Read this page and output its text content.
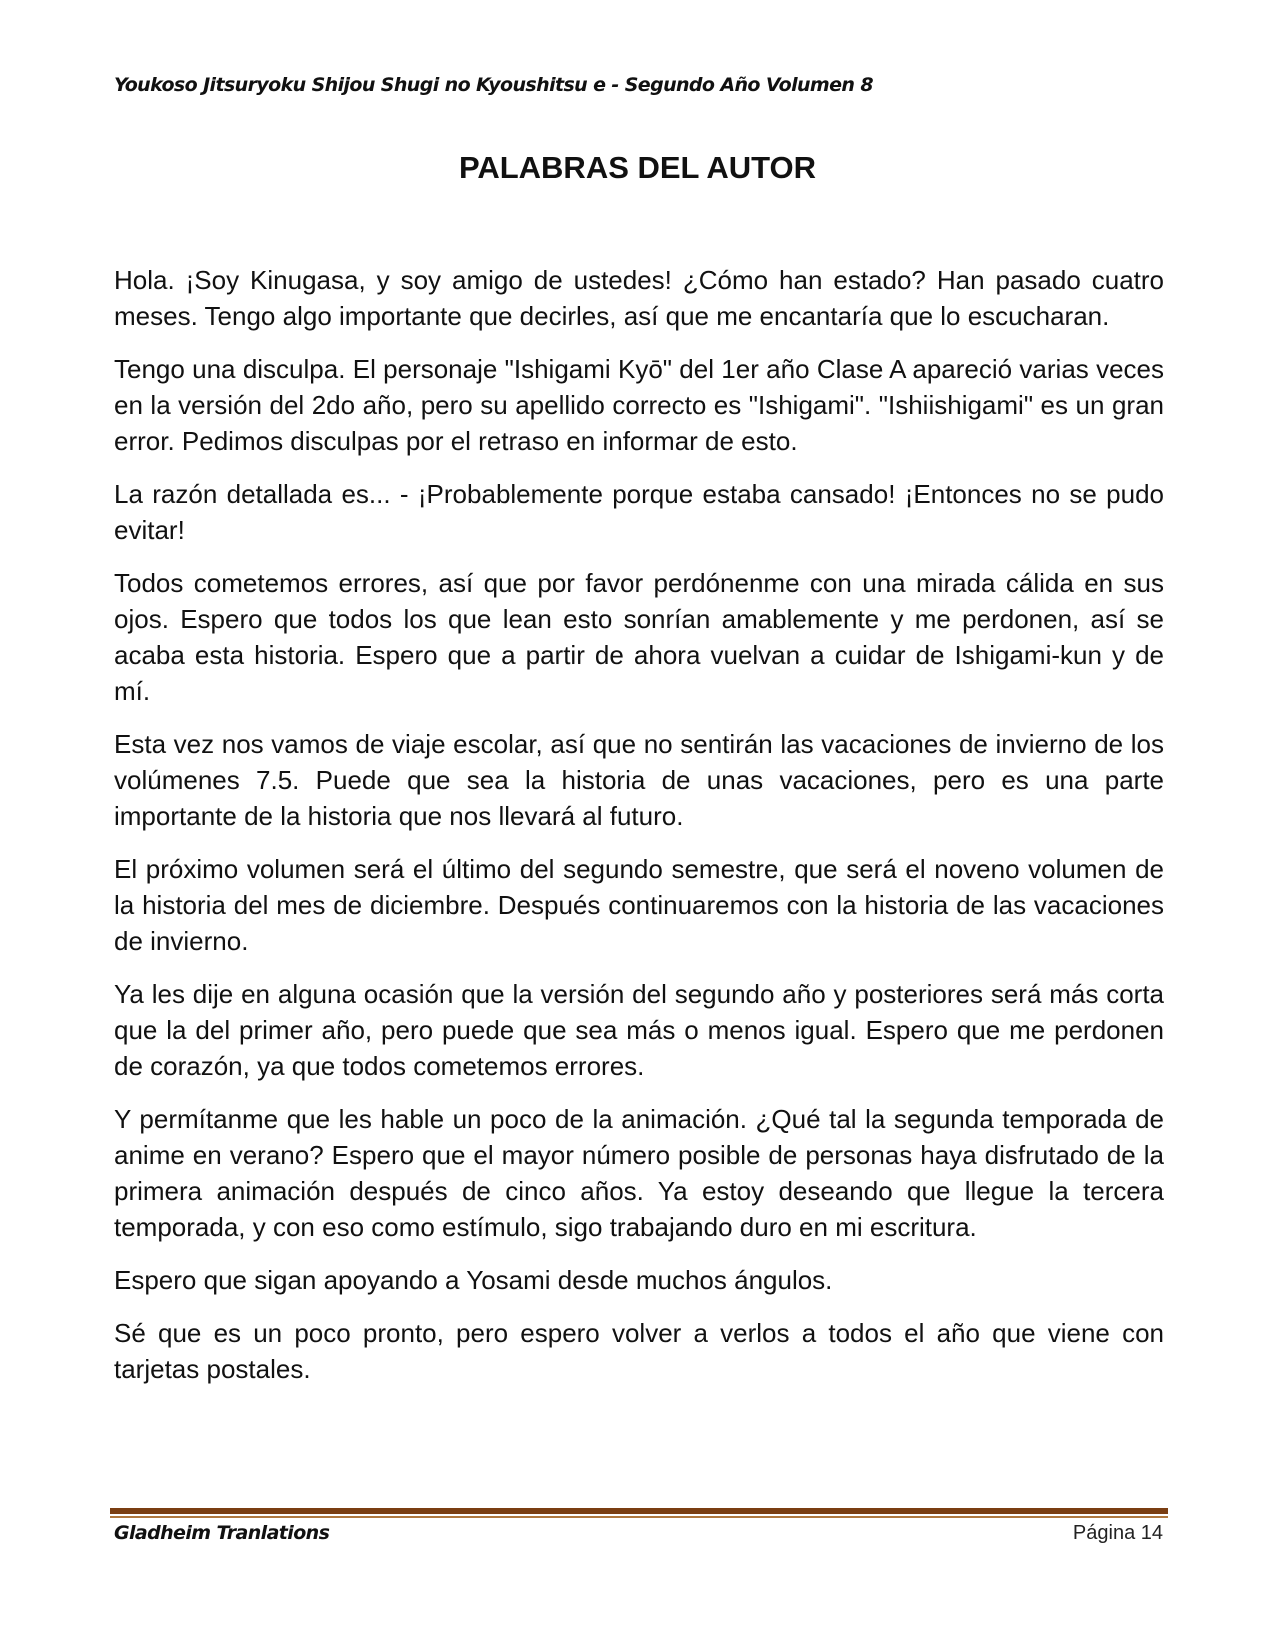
Youkoso Jitsuryoku Shijou Shugi no Kyoushitsu e - Segundo Año Volumen 8
PALABRAS DEL AUTOR

Hola. ¡Soy Kinugasa, y soy amigo de ustedes! ¿Cómo han estado? Han pasado cuatro meses. Tengo algo importante que decirles, así que me encantaría que lo escucharan.

Tengo una disculpa. El personaje "Ishigami Kyō" del 1er año Clase A apareció varias veces en la versión del 2do año, pero su apellido correcto es "Ishigami". "Ishiishigami" es un gran error. Pedimos disculpas por el retraso en informar de esto.

La razón detallada es... - ¡Probablemente porque estaba cansado! ¡Entonces no se pudo evitar!

Todos cometemos errores, así que por favor perdónenme con una mirada cálida en sus ojos. Espero que todos los que lean esto sonrían amablemente y me perdonen, así se acaba esta historia. Espero que a partir de ahora vuelvan a cuidar de Ishigami-kun y de mí.

Esta vez nos vamos de viaje escolar, así que no sentirán las vacaciones de invierno de los volúmenes 7.5. Puede que sea la historia de unas vacaciones, pero es una parte importante de la historia que nos llevará al futuro.

El próximo volumen será el último del segundo semestre, que será el noveno volumen de la historia del mes de diciembre. Después continuaremos con la historia de las vacaciones de invierno.

Ya les dije en alguna ocasión que la versión del segundo año y posteriores será más corta que la del primer año, pero puede que sea más o menos igual. Espero que me perdonen de corazón, ya que todos cometemos errores.

Y permítanme que les hable un poco de la animación. ¿Qué tal la segunda temporada de anime en verano? Espero que el mayor número posible de personas haya disfrutado de la primera animación después de cinco años. Ya estoy deseando que llegue la tercera temporada, y con eso como estímulo, sigo trabajando duro en mi escritura.

Espero que sigan apoyando a Yosami desde muchos ángulos.

Sé que es un poco pronto, pero espero volver a verlos a todos el año que viene con tarjetas postales.

Gladheim Tranlations	Página 14
